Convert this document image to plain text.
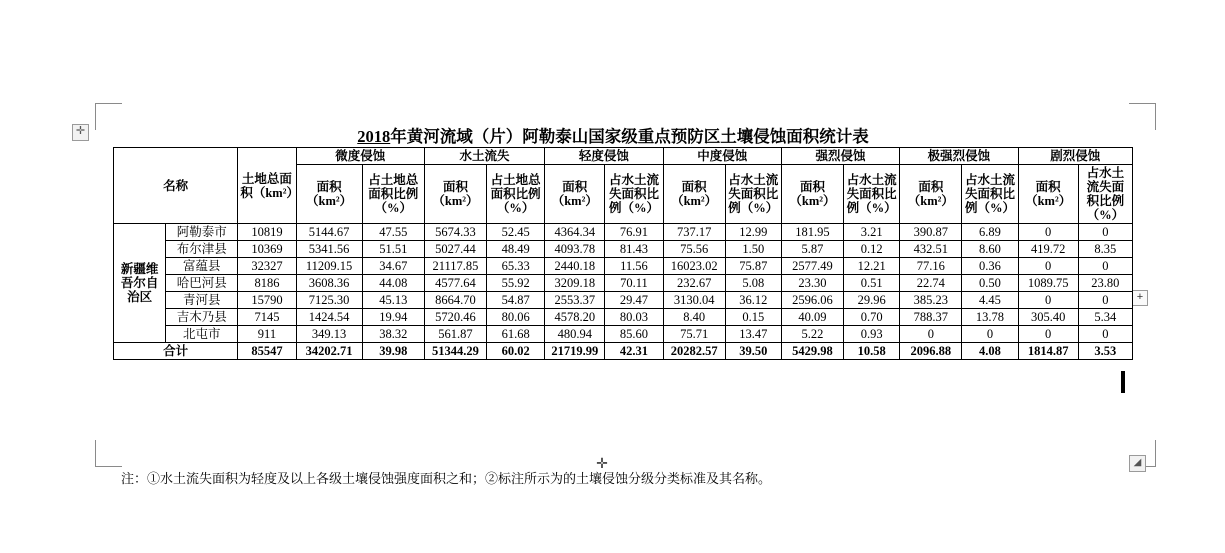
✛
◢
+
✛
2018年黄河流域（片）阿勒泰山国家级重点预防区土壤侵蚀面积统计表
名称		土地总面积（km²）	微度侵蚀		水土流失		轻度侵蚀		中度侵蚀		强烈侵蚀		极强烈侵蚀		剧烈侵蚀	
			面积（km²）	占土地总面积比例（%）	面积（km²）	占土地总面积比例（%）	面积（km²）	占水土流失面积比例（%）	面积（km²）	占水土流失面积比例（%）	面积（km²）	占水土流失面积比例（%）	面积（km²）	占水土流失面积比例（%）	面积（km²）	占水土流失面积比例（%）
新疆维吾尔自治区	阿勒泰市	10819	5144.67	47.55	5674.33	52.45	4364.34	76.91	737.17	12.99	181.95	3.21	390.87	6.89	0	0
	布尔津县	10369	5341.56	51.51	5027.44	48.49	4093.78	81.43	75.56	1.50	5.87	0.12	432.51	8.60	419.72	8.35
	富蕴县	32327	11209.15	34.67	21117.85	65.33	2440.18	11.56	16023.02	75.87	2577.49	12.21	77.16	0.36	0	0
	哈巴河县	8186	3608.36	44.08	4577.64	55.92	3209.18	70.11	232.67	5.08	23.30	0.51	22.74	0.50	1089.75	23.80
	青河县	15790	7125.30	45.13	8664.70	54.87	2553.37	29.47	3130.04	36.12	2596.06	29.96	385.23	4.45	0	0
	吉木乃县	7145	1424.54	19.94	5720.46	80.06	4578.20	80.03	8.40	0.15	40.09	0.70	788.37	13.78	305.40	5.34
	北屯市	911	349.13	38.32	561.87	61.68	480.94	85.60	75.71	13.47	5.22	0.93	0	0	0	0
合计		85547	34202.71	39.98	51344.29	60.02	21719.99	42.31	20282.57	39.50	5429.98	10.58	2096.88	4.08	1814.87	3.53
注：①水土流失面积为轻度及以上各级土壤侵蚀强度面积之和；②标注所示为的土壤侵蚀分级分类标准及其名称。
